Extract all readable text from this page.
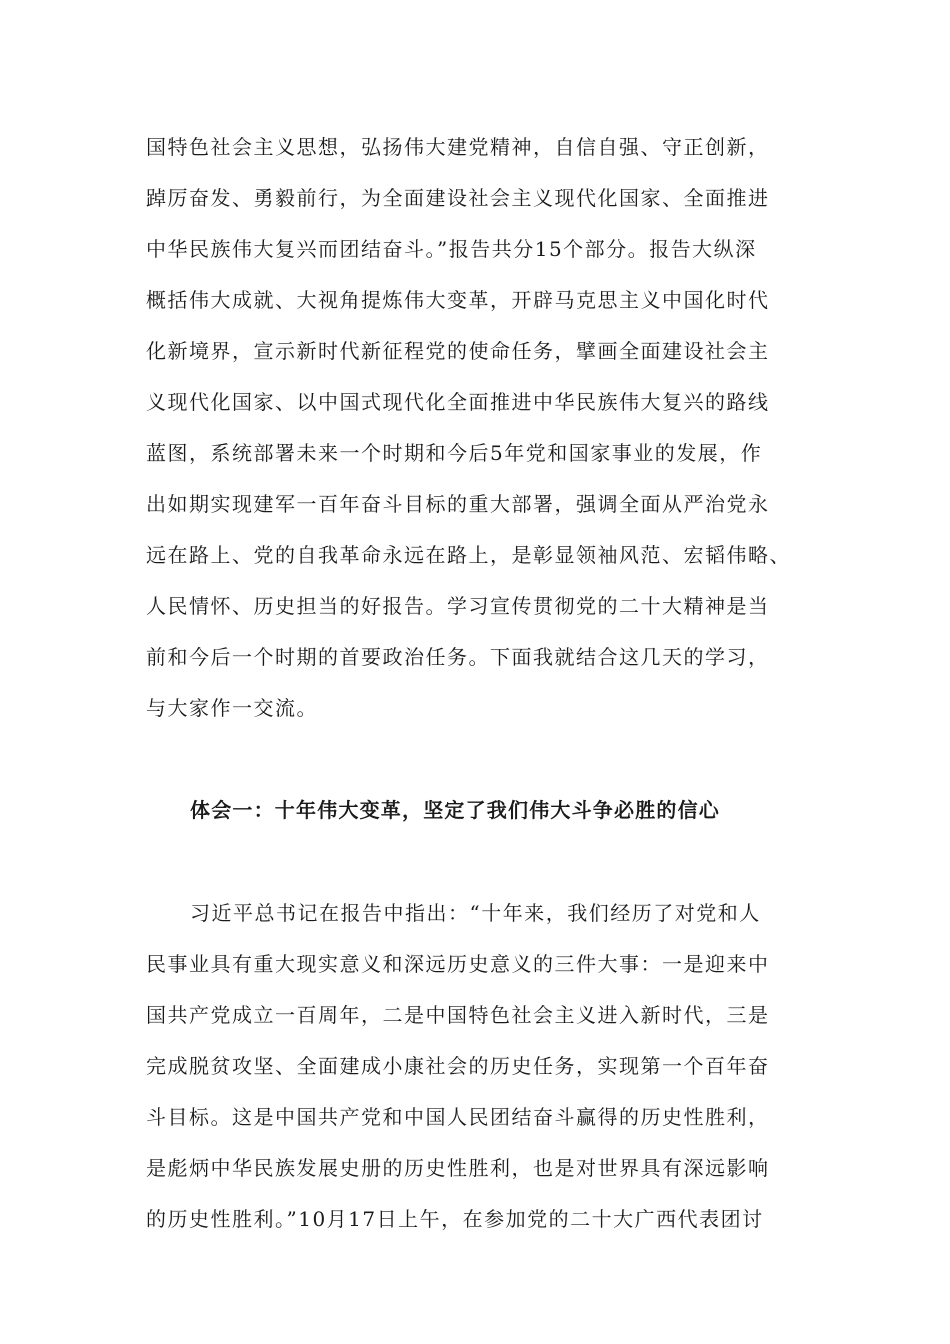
国特色社会主义思想，弘扬伟大建党精神，自信自强、守正创新，
踔厉奋发、勇毅前行，为全面建设社会主义现代化国家、全面推进
中华民族伟大复兴而团结奋斗。”报告共分15个部分。报告大纵深
概括伟大成就、大视角提炼伟大变革，开辟马克思主义中国化时代
化新境界，宣示新时代新征程党的使命任务，擘画全面建设社会主
义现代化国家、以中国式现代化全面推进中华民族伟大复兴的路线
蓝图，系统部署未来一个时期和今后5年党和国家事业的发展，作
出如期实现建军一百年奋斗目标的重大部署，强调全面从严治党永
远在路上、党的自我革命永远在路上，是彰显领袖风范、宏韬伟略、
人民情怀、历史担当的好报告。学习宣传贯彻党的二十大精神是当
前和今后一个时期的首要政治任务。下面我就结合这几天的学习，
与大家作一交流。
体会一：十年伟大变革，坚定了我们伟大斗争必胜的信心
习近平总书记在报告中指出：“十年来，我们经历了对党和人
民事业具有重大现实意义和深远历史意义的三件大事：一是迎来中
国共产党成立一百周年，二是中国特色社会主义进入新时代，三是
完成脱贫攻坚、全面建成小康社会的历史任务，实现第一个百年奋
斗目标。这是中国共产党和中国人民团结奋斗赢得的历史性胜利，
是彪炳中华民族发展史册的历史性胜利，也是对世界具有深远影响
的历史性胜利。”10月17日上午，在参加党的二十大广西代表团讨
